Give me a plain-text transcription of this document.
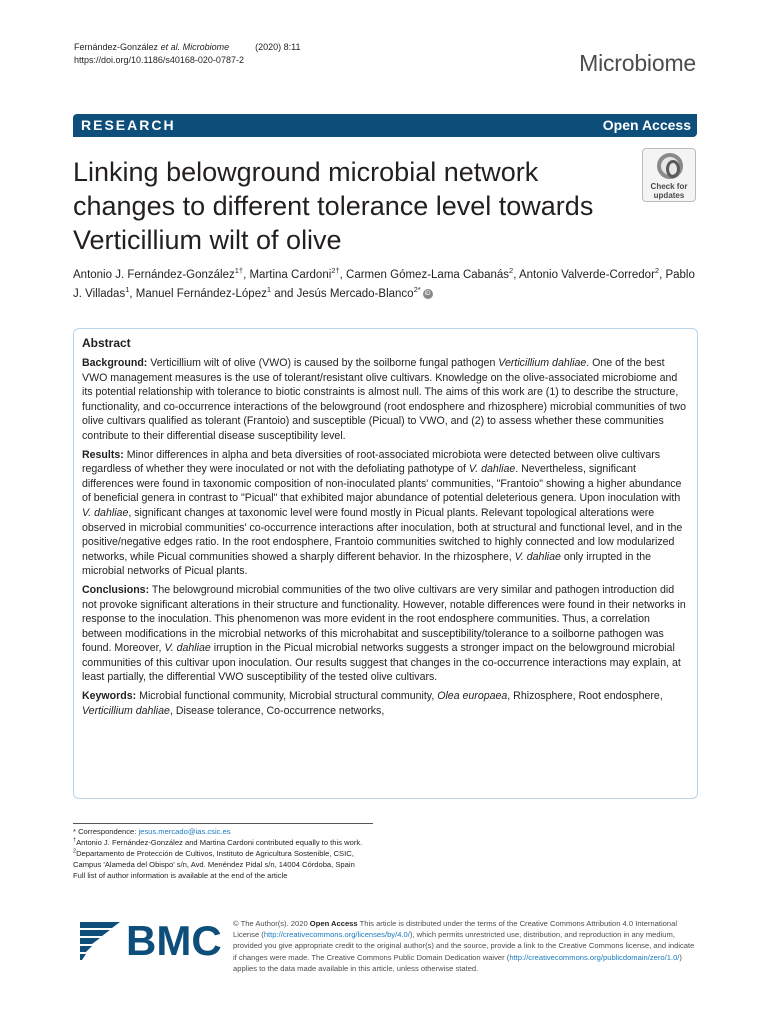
Fernández-González et al. Microbiome	(2020) 8:11
https://doi.org/10.1186/s40168-020-0787-2	Microbiome
RESEARCH	Open Access
Linking belowground microbial network changes to different tolerance level towards Verticillium wilt of olive
Check for
updates
Antonio J. Fernández-González$^{1\dagger}$, Martina Cardoni$^{2\dagger}$, Carmen Gómez-Lama Cabanás$^2$, Antonio Valverde-Corredor$^2$, Pablo J. Villadas$^1$, Manuel Fernández-López$^1$ and Jesús Mercado-Blanco$^{2*}$ iD
Abstract

Background: Verticillium wilt of olive (VWO) is caused by the soilborne fungal pathogen Verticillium dahliae. One of the best VWO management measures is the use of tolerant/resistant olive cultivars. Knowledge on the olive-associated microbiome and its potential relationship with tolerance to biotic constraints is almost null. The aims of this work are (1) to describe the structure, functionality, and co-occurrence interactions of the belowground (root endosphere and rhizosphere) microbial communities of two olive cultivars qualified as tolerant (Frantoio) and susceptible (Picual) to VWO, and (2) to assess whether these communities contribute to their differential disease susceptibility level.

Results: Minor differences in alpha and beta diversities of root-associated microbiota were detected between olive cultivars regardless of whether they were inoculated or not with the defoliating pathotype of V. dahliae. Nevertheless, significant differences were found in taxonomic composition of non-inoculated plants' communities, "Frantoio" showing a higher abundance of beneficial genera in contrast to "Picual" that exhibited major abundance of potential deleterious genera. Upon inoculation with V. dahliae, significant changes at taxonomic level were found mostly in Picual plants. Relevant topological alterations were observed in microbial communities' co-occurrence interactions after inoculation, both at structural and functional level, and in the positive/negative edges ratio. In the root endosphere, Frantoio communities switched to highly connected and low modularized networks, while Picual communities showed a sharply different behavior. In the rhizosphere, V. dahliae only irrupted in the microbial networks of Picual plants.

Conclusions: The belowground microbial communities of the two olive cultivars are very similar and pathogen introduction did not provoke significant alterations in their structure and functionality. However, notable differences were found in their networks in response to the inoculation. This phenomenon was more evident in the root endosphere communities. Thus, a correlation between modifications in the microbial networks of this microhabitat and susceptibility/tolerance to a soilborne pathogen was found. Moreover, V. dahliae irruption in the Picual microbial networks suggests a stronger impact on the belowground microbial communities of this cultivar upon inoculation. Our results suggest that changes in the co-occurrence interactions may explain, at least partially, the differential VWO susceptibility of the tested olive cultivars.

Keywords: Microbial functional community, Microbial structural community, Olea europaea, Rhizosphere, Root endosphere, Verticillium dahliae, Disease tolerance, Co-occurrence networks,

* Correspondence: jesus.mercado@ias.csic.es
†Antonio J. Fernández-González and Martina Cardoni contributed equally to this work.
$^2$Departamento de Protección de Cultivos, Instituto de Agricultura Sostenible, CSIC, Campus 'Alameda del Obispo' s/n, Avd. Menéndez Pidal s/n, 14004 Córdoba, Spain
Full list of author information is available at the end of the article
BMC © The Author(s). 2020 Open Access This article is distributed under the terms of the Creative Commons Attribution 4.0 International License (http://creativecommons.org/licenses/by/4.0/), which permits unrestricted use, distribution, and reproduction in any medium, provided you give appropriate credit to the original author(s) and the source, provide a link to the Creative Commons license, and indicate if changes were made. The Creative Commons Public Domain Dedication waiver (http://creativecommons.org/publicdomain/zero/1.0/) applies to the data made available in this article, unless otherwise stated.
